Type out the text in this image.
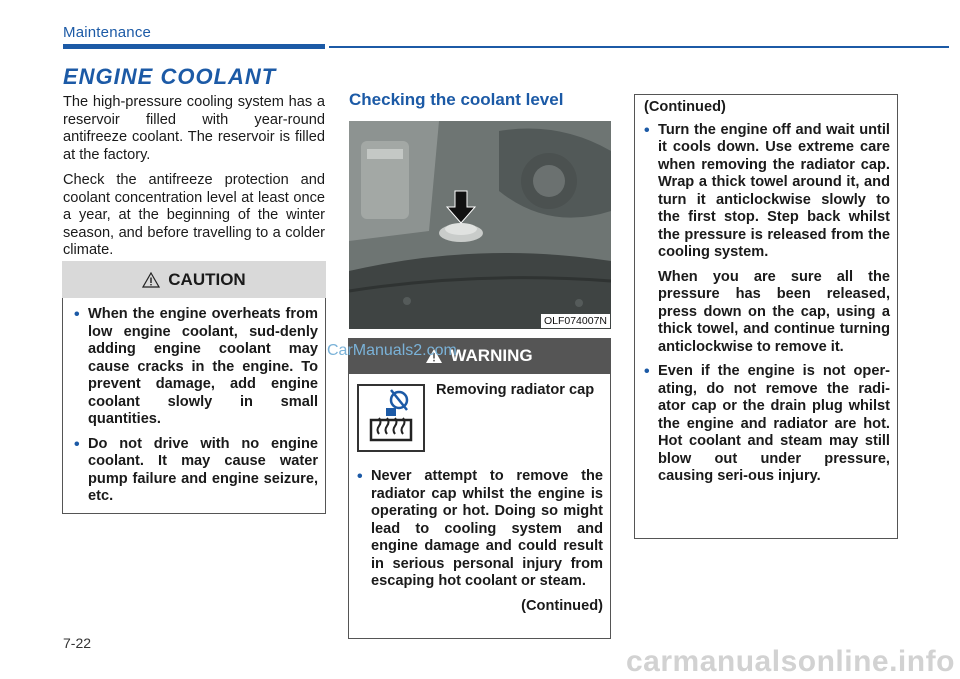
Maintenance
ENGINE COOLANT

The high-pressure cooling system has a reservoir filled with year-round antifreeze coolant. The reservoir is filled at the factory.

Check the antifreeze protection and coolant concentration level at least once a year, at the beginning of the winter season, and before travelling to a colder climate.

CAUTION
• When the engine overheats from low engine coolant, sud-denly adding engine coolant may cause cracks in the engine. To prevent damage, add engine coolant slowly in small quantities.
• Do not drive with no engine coolant. It may cause water pump failure and engine seizure, etc.
Checking the coolant level
OLF074007N
WARNING
Removing radiator cap
• Never attempt to remove the radiator cap whilst the engine is operating or hot. Doing so might lead to cooling system and engine damage and could result in serious personal injury from escaping hot coolant or steam.
(Continued)
(Continued)
• Turn the engine off and wait until it cools down. Use extreme care when removing the radiator cap. Wrap a thick towel around it, and turn it anticlockwise slowly to the first stop. Step back whilst the pressure is released from the cooling system.
When you are sure all the pressure has been released, press down on the cap, using a thick towel, and continue turning anticlockwise to remove it.
• Even if the engine is not oper-ating, do not remove the radi-ator cap or the drain plug whilst the engine and radiator are hot. Hot coolant and steam may still blow out under pressure, causing seri-ous injury.
CarManuals2.com
7-22
carmanualsonline.info
